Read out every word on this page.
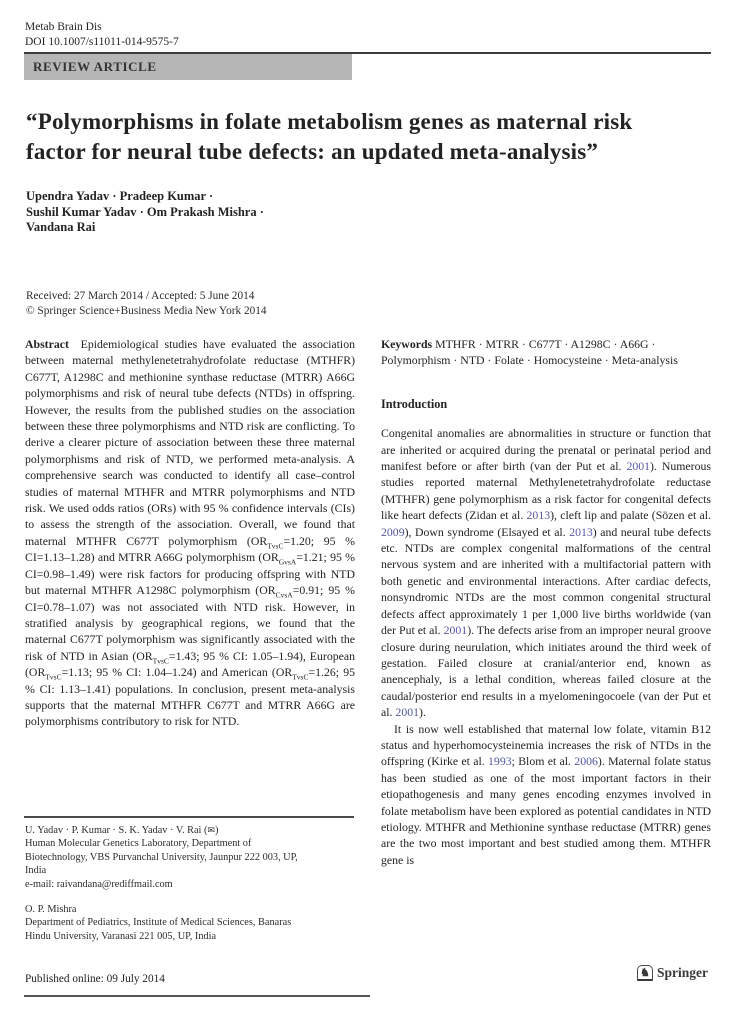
Metab Brain Dis
DOI 10.1007/s11011-014-9575-7
REVIEW ARTICLE
“Polymorphisms in folate metabolism genes as maternal risk factor for neural tube defects: an updated meta-analysis”
Upendra Yadav · Pradeep Kumar ·
Sushil Kumar Yadav · Om Prakash Mishra ·
Vandana Rai
Received: 27 March 2014 / Accepted: 5 June 2014
© Springer Science+Business Media New York 2014

Abstract Epidemiological studies have evaluated the association between maternal methylenetetrahydrofolate reductase (MTHFR) C677T, A1298C and methionine synthase reductase (MTRR) A66G polymorphisms and risk of neural tube defects (NTDs) in offspring. However, the results from the published studies on the association between these three polymorphisms and NTD risk are conflicting. To derive a clearer picture of association between these three maternal polymorphisms and risk of NTD, we performed meta-analysis. A comprehensive search was conducted to identify all case–control studies of maternal MTHFR and MTRR polymorphisms and NTD risk. We used odds ratios (ORs) with 95 % confidence intervals (CIs) to assess the strength of the association. Overall, we found that maternal MTHFR C677T polymorphism ($OR_{TvsC}=1.20$; 95 % CI=1.13–1.28) and MTRR A66G polymorphism ($OR_{GvsA}=1.21$; 95 % CI=0.98–1.49) were risk factors for producing offspring with NTD but maternal MTHFR A1298C polymorphism ($OR_{CvsA}=0.91$; 95 % CI=0.78–1.07) was not associated with NTD risk. However, in stratified analysis by geographical regions, we found that the maternal C677T polymorphism was significantly associated with the risk of NTD in Asian ($OR_{TvsC}=1.43$; 95 % CI: 1.05–1.94), European ($OR_{TvsC}=1.13$; 95 % CI: 1.04–1.24) and American ($OR_{TvsC}=1.26$; 95 % CI: 1.13–1.41) populations. In conclusion, present meta-analysis supports that the maternal MTHFR C677T and MTRR A66G are polymorphisms contributory to risk for NTD.

Keywords MTHFR · MTRR · C677T · A1298C · A66G · Polymorphism · NTD · Folate · Homocysteine · Meta-analysis

Introduction

Congenital anomalies are abnormalities in structure or function that are inherited or acquired during the prenatal or perinatal period and manifest before or after birth (van der Put et al. 2001). Numerous studies reported maternal Methylenetetrahydrofolate reductase (MTHFR) gene polymorphism as a risk factor for congenital defects like heart defects (Zidan et al. 2013), cleft lip and palate (Sözen et al. 2009), Down syndrome (Elsayed et al. 2013) and neural tube defects etc. NTDs are complex congenital malformations of the central nervous system and are inherited with a multifactorial pattern with both genetic and environmental interactions. After cardiac defects, nonsyndromic NTDs are the most common congenital structural defects affect approximately 1 per 1,000 live births worldwide (van der Put et al. 2001). The defects arise from an improper neural groove closure during neurulation, which initiates around the third week of gestation. Failed closure at cranial/anterior end, known as anencephaly, is a lethal condition, whereas failed closure at the caudal/posterior end results in a myelomeningocoele (van der Put et al. 2001).

It is now well established that maternal low folate, vitamin B12 status and hyperhomocysteinemia increases the risk of NTDs in the offspring (Kirke et al. 1993; Blom et al. 2006). Maternal folate status has been studied as one of the most important factors in their etiopathogenesis and many genes encoding enzymes involved in folate metabolism have been explored as potential candidates in NTD etiology. MTHFR and Methionine synthase reductase (MTRR) genes are the two most important and best studied among them. MTHFR gene is

U. Yadav · P. Kumar · S. K. Yadav · V. Rai (✉)
Human Molecular Genetics Laboratory, Department of
Biotechnology, VBS Purvanchal University, Jaunpur 222 003, UP,
India
e-mail: raivandana@rediffmail.com
O. P. Mishra
Department of Pediatrics, Institute of Medical Sciences, Banaras
Hindu University, Varanasi 221 005, UP, India
Published online: 09 July 2014	♞ Springer
